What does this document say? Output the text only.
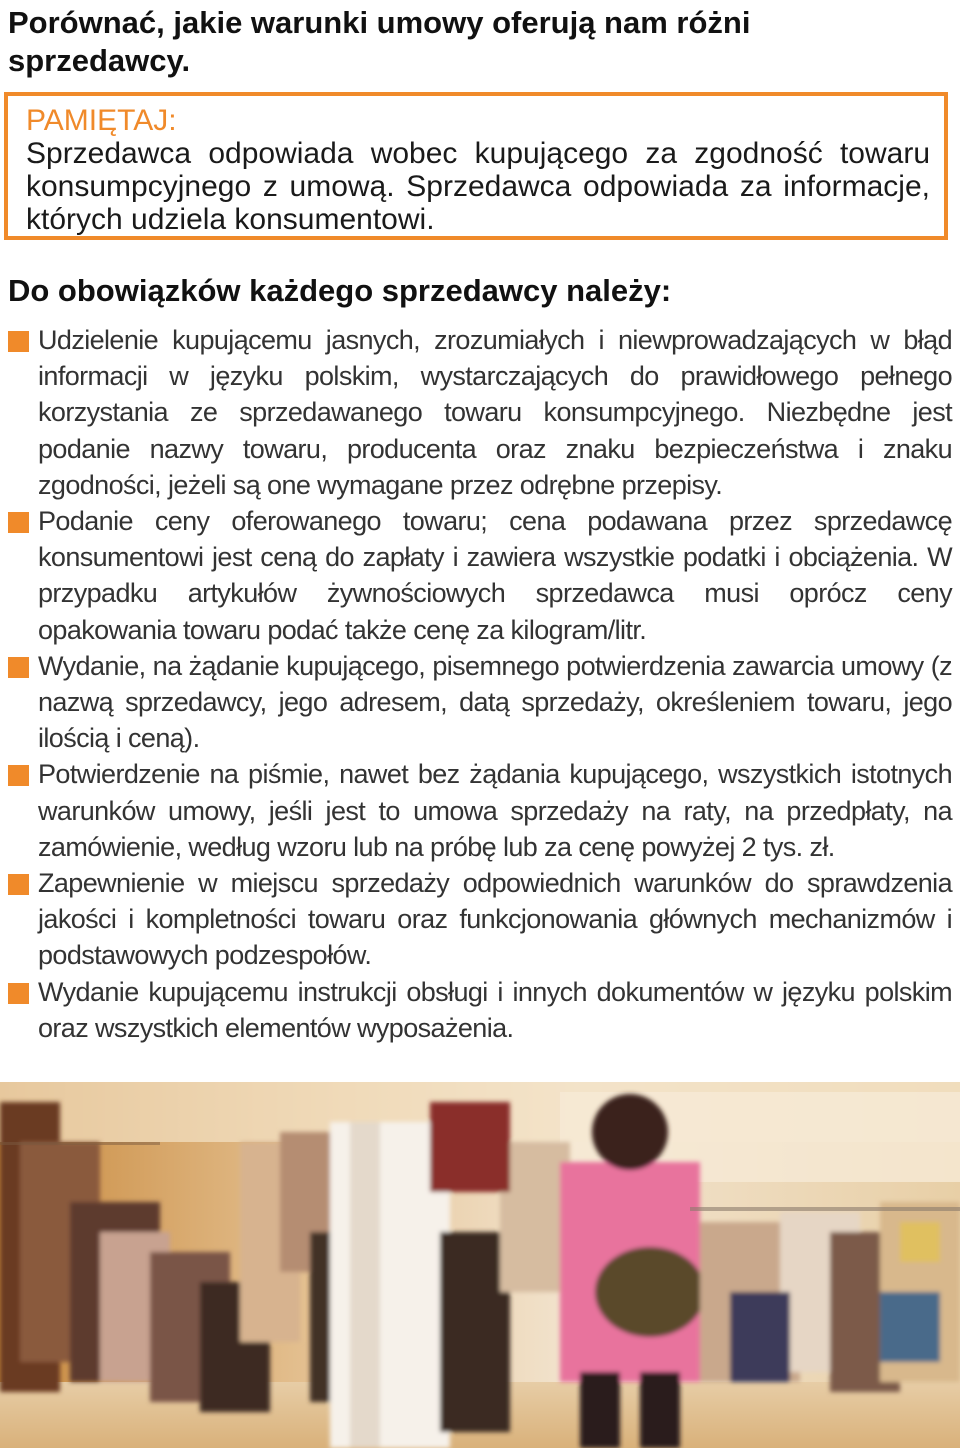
Porównać, jakie warunki umowy oferują nam różni sprzedawcy.
PAMIĘTAJ:

Sprzedawca odpowiada wobec kupującego za zgodność towaru konsumpcyjnego z umową. Sprzedawca odpowiada za informacje, których udziela konsumentowi.

Do obowiązków każdego sprzedawcy należy:
Udzielenie kupującemu jasnych, zrozumiałych i niewprowadzających w błąd informacji w języku polskim, wystarczających do prawidłowego pełnego korzystania ze sprzedawanego towaru konsumpcyjnego. Niezbędne jest podanie nazwy towaru, producenta oraz znaku bezpieczeństwa i znaku zgodności, jeżeli są one wymagane przez odrębne przepisy.
Podanie ceny oferowanego towaru; cena podawana przez sprzedawcę konsumentowi jest ceną do zapłaty i zawiera wszystkie podatki i obciążenia. W przypadku artykułów żywnościowych sprzedawca musi oprócz ceny opakowania towaru podać także cenę za kilogram/litr.
Wydanie, na żądanie kupującego, pisemnego potwierdzenia zawarcia umowy (z nazwą sprzedawcy, jego adresem, datą sprzedaży, określeniem towaru, jego ilością i ceną).
Potwierdzenie na piśmie, nawet bez żądania kupującego, wszystkich istotnych warunków umowy, jeśli jest to umowa sprzedaży na raty, na przedpłaty, na zamówienie, według wzoru lub na próbę lub za cenę powyżej 2 tys. zł.
Zapewnienie w miejscu sprzedaży odpowiednich warunków do sprawdzenia jakości i kompletności towaru oraz funkcjonowania głównych mechanizmów i podstawowych podzespołów.
Wydanie kupującemu instrukcji obsługi i innych dokumentów w języku polskim oraz wszystkich elementów wyposażenia.
